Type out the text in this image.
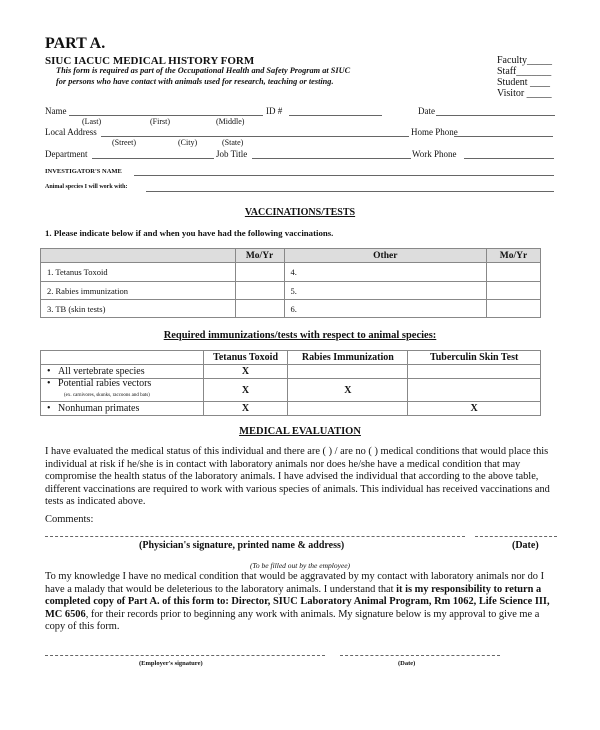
PART A.
SIUC IACUC MEDICAL HISTORY FORM
This form is required as part of the Occupational Health and Safety Program at SIUC
for persons who have contact with animals used for research, teaching or testing.
Faculty_____
Staff_______
Student ____
Visitor _____
Name	ID #	Date
(Last)	(First)	(Middle)
Local Address	Home Phone
(Street)	(City)	(State)
Department	Job Title	Work Phone
INVESTIGATOR'S NAME
Animal species I will work with:
VACCINATIONS/TESTS
1. Please indicate below if and when you have had the following vaccinations.
	Mo/Yr	Other	Mo/Yr
1. Tetanus Toxoid		4.	
2. Rabies immunization		5.	
3. TB (skin tests)		6.	
Required immunizations/tests with respect to animal species:
	Tetanus Toxoid	Rabies Immunization	Tuberculin Skin Test
•   All vertebrate species	X		
•   Potential rabies vectors
(ex. carnivores, skunks, raccoons and bats)	X	X	
•   Nonhuman primates	X		X
MEDICAL EVALUATION
I have evaluated the medical status of this individual and there are ( ) / are no ( ) medical conditions that would place this individual at risk if he/she is in contact with laboratory animals nor does he/she have a medical condition that may compromise the health status of the laboratory animals. I have advised the individual that according to the above table, different vaccinations are required to work with various species of animals. This individual has received vaccinations and tests as indicated above.
Comments:
(Physician's signature, printed name & address)	(Date)
(To be filled out by the employee)
To my knowledge I have no medical condition that would be aggravated by my contact with laboratory animals nor do I have a malady that would be deleterious to the laboratory animals. I understand that it is my responsibility to return a completed copy of Part A. of this form to: Director, SIUC Laboratory Animal Program, Rm 1062, Life Science III, MC 6506, for their records prior to beginning any work with animals. My signature below is my approval to give me a copy of this form.
(Employer's signature)	(Date)
